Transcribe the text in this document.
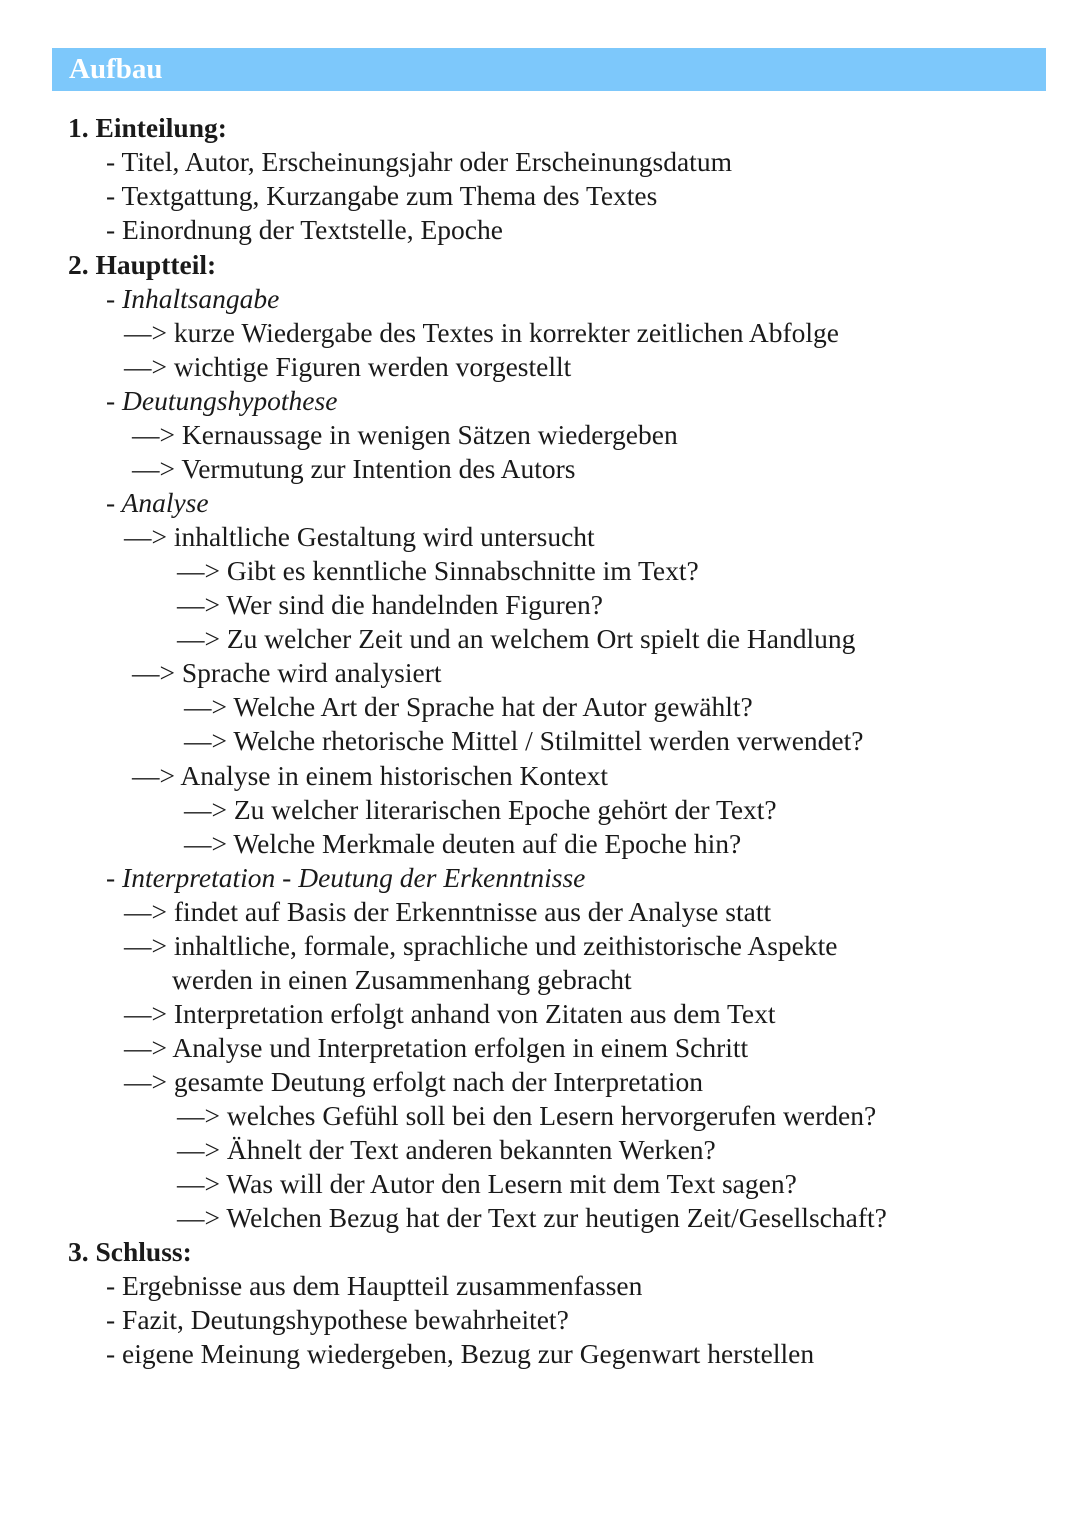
Aufbau
1. Einteilung:
- Titel, Autor, Erscheinungsjahr oder Erscheinungsdatum
- Textgattung, Kurzangabe zum Thema des Textes
- Einordnung der Textstelle, Epoche
2. Hauptteil:
- Inhaltsangabe
—> kurze Wiedergabe des Textes in korrekter zeitlichen Abfolge
—> wichtige Figuren werden vorgestellt
- Deutungshypothese
—> Kernaussage in wenigen Sätzen wiedergeben
—> Vermutung zur Intention des Autors
- Analyse
—> inhaltliche Gestaltung wird untersucht
—> Gibt es kenntliche Sinnabschnitte im Text?
—> Wer sind die handelnden Figuren?
—> Zu welcher Zeit und an welchem Ort spielt die Handlung
—> Sprache wird analysiert
—> Welche Art der Sprache hat der Autor gewählt?
—> Welche rhetorische Mittel / Stilmittel werden verwendet?
—> Analyse in einem historischen Kontext
—> Zu welcher literarischen Epoche gehört der Text?
—> Welche Merkmale deuten auf die Epoche hin?
- Interpretation - Deutung der Erkenntnisse
—> findet auf Basis der Erkenntnisse aus der Analyse statt
—> inhaltliche, formale, sprachliche und zeithistorische Aspekte
werden in einen Zusammenhang gebracht
—> Interpretation erfolgt anhand von Zitaten aus dem Text
—> Analyse und Interpretation erfolgen in einem Schritt
—> gesamte Deutung erfolgt nach der Interpretation
—> welches Gefühl soll bei den Lesern hervorgerufen werden?
—> Ähnelt der Text anderen bekannten Werken?
—> Was will der Autor den Lesern mit dem Text sagen?
—> Welchen Bezug hat der Text zur heutigen Zeit/Gesellschaft?
3. Schluss:
- Ergebnisse aus dem Hauptteil zusammenfassen
- Fazit, Deutungshypothese bewahrheitet?
- eigene Meinung wiedergeben, Bezug zur Gegenwart herstellen
